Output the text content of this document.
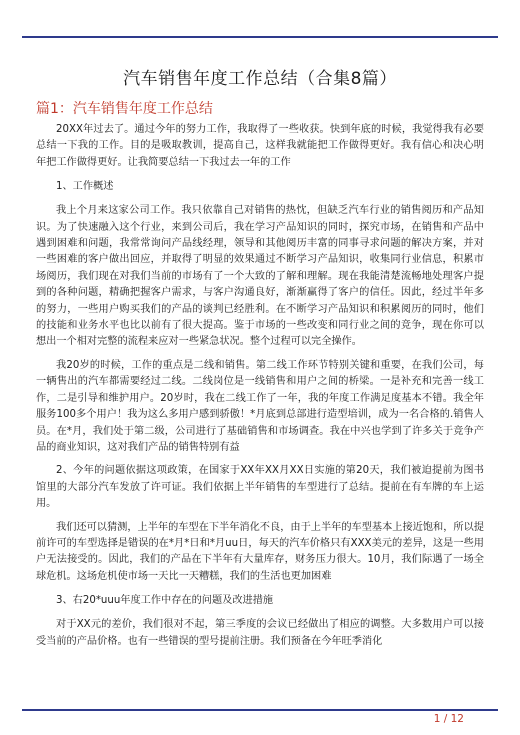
汽车销售年度工作总结（合集8篇）
篇1：汽车销售年度工作总结

20XX年过去了。通过今年的努力工作，我取得了一些收获。快到年底的时候，我觉得我有必要总结一下我的工作。目的是吸取教训，提高自己，这样我就能把工作做得更好。我有信心和决心明年把工作做得更好。让我简要总结一下我过去一年的工作

1、工作概述

我上个月来这家公司工作。我只依靠自己对销售的热忱，但缺乏汽车行业的销售阅历和产品知识。为了快速融入这个行业，来到公司后，我在学习产品知识的同时，探究市场，在销售和产品中遇到困难和问题，我常常询问产品线经理，领导和其他阅历丰富的同事寻求问题的解决方案，并对一些困难的客户做出回应，并取得了明显的效果通过不断学习产品知识，收集同行业信息，积累市场阅历，我们现在对我们当前的市场有了一个大致的了解和理解。现在我能清楚流畅地处理客户提到的各种问题，精确把握客户需求，与客户沟通良好，渐渐赢得了客户的信任。因此，经过半年多的努力，一些用户购买我们的产品的谈判已经胜利。在不断学习产品知识和积累阅历的同时，他们的技能和业务水平也比以前有了很大提高。鉴于市场的一些改变和同行业之间的竞争，现在你可以想出一个相对完整的流程来应对一些紧急状况。整个过程可以完全操作。

我20岁的时候，工作的重点是二线和销售。第二线工作环节特别关键和重要，在我们公司，每一辆售出的汽车都需要经过二线。二线岗位是一线销售和用户之间的桥梁。一是补充和完善一线工作，二是引导和维护用户。20岁时，我在二线工作了一年，我的年度工作满足度基本不错。我全年服务100多个用户！我为这么多用户感到骄傲！*月底到总部进行造型培训，成为一名合格的.销售人员。在*月，我们处于第二级，公司进行了基础销售和市场调查。我在中兴也学到了许多关于竞争产品的商业知识，这对我们产品的销售特别有益

2、今年的问题依据这项政策，在国家于XX年XX月XX日实施的第20天，我们被迫提前为图书馆里的大部分汽车发放了许可证。我们依据上半年销售的车型进行了总结。提前在有车牌的车上运用。

我们还可以猜测，上半年的车型在下半年消化不良，由于上半年的车型基本上接近饱和，所以提前许可的车型选择是错误的在*月*日和*月uu日，每天的汽车价格只有XXX美元的差异，这是一些用户无法接受的。因此，我们的产品在下半年有大量库存，财务压力很大。10月，我们际遇了一场全球危机。这场危机使市场一天比一天糟糕，我们的生活也更加困难

3、右20*uuu年度工作中存在的问题及改进措施

对于XX元的差价，我们很对不起，第三季度的会议已经做出了相应的调整。大多数用户可以接受当前的产品价格。也有一些错误的型号提前注册。我们预备在今年旺季消化

1 / 12
